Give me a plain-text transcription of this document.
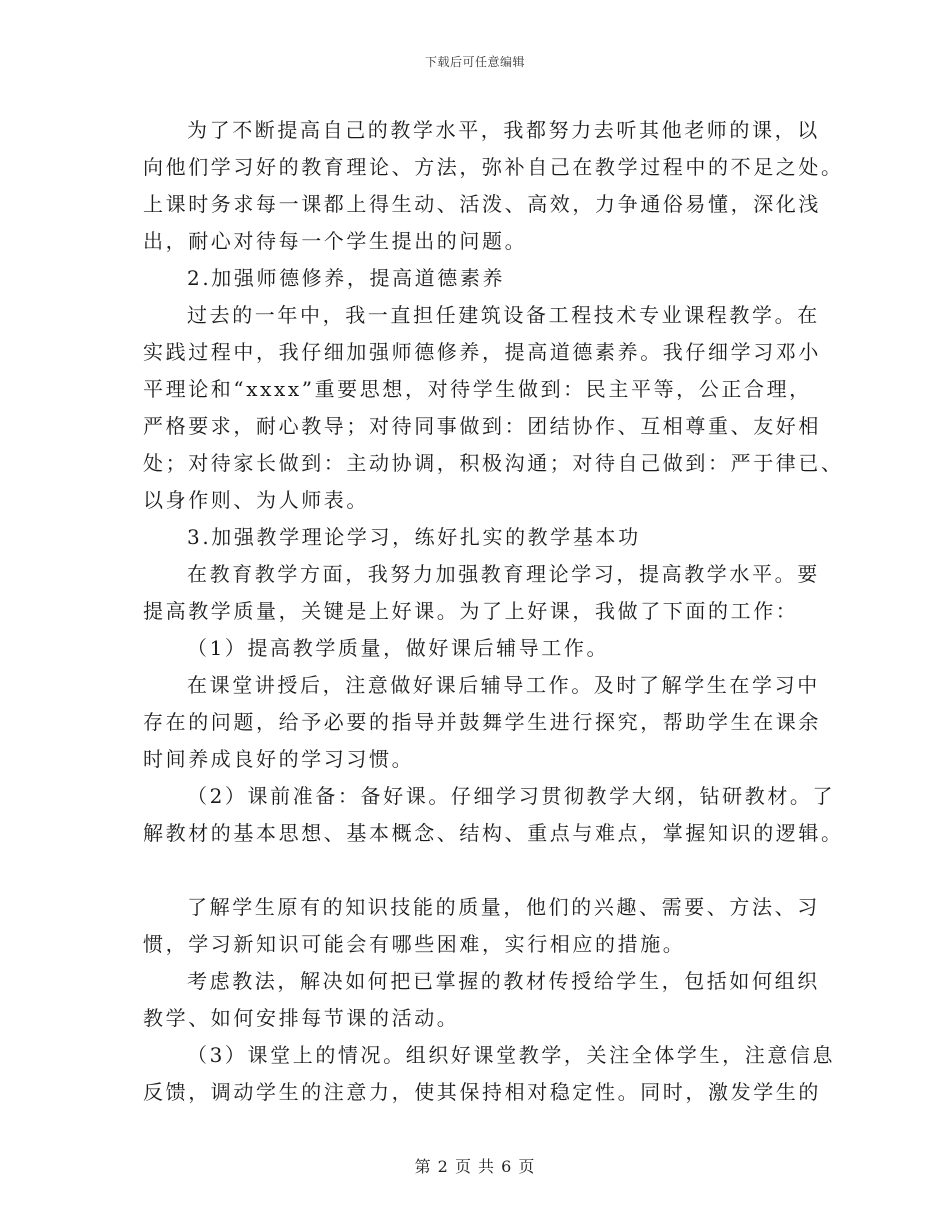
下载后可任意编辑
为了不断提高自己的教学水平，我都努力去听其他老师的课，以
向他们学习好的教育理论、方法，弥补自己在教学过程中的不足之处。
上课时务求每一课都上得生动、活泼、高效，力争通俗易懂，深化浅
出，耐心对待每一个学生提出的问题。
2.加强师德修养，提高道德素养
过去的一年中，我一直担任建筑设备工程技术专业课程教学。在
实践过程中，我仔细加强师德修养，提高道德素养。我仔细学习邓小
平理论和“xxxx”重要思想，对待学生做到：民主平等，公正合理，
严格要求，耐心教导；对待同事做到：团结协作、互相尊重、友好相
处；对待家长做到：主动协调，积极沟通；对待自己做到：严于律已、
以身作则、为人师表。
3.加强教学理论学习，练好扎实的教学基本功
在教育教学方面，我努力加强教育理论学习，提高教学水平。要
提高教学质量，关键是上好课。为了上好课，我做了下面的工作：
（1）提高教学质量，做好课后辅导工作。
在课堂讲授后，注意做好课后辅导工作。及时了解学生在学习中
存在的问题，给予必要的指导并鼓舞学生进行探究，帮助学生在课余
时间养成良好的学习习惯。
（2）课前准备：备好课。仔细学习贯彻教学大纲，钻研教材。了
解教材的基本思想、基本概念、结构、重点与难点，掌握知识的逻辑。
了解学生原有的知识技能的质量，他们的兴趣、需要、方法、习
惯，学习新知识可能会有哪些困难，实行相应的措施。
考虑教法，解决如何把已掌握的教材传授给学生，包括如何组织
教学、如何安排每节课的活动。
（3）课堂上的情况。组织好课堂教学，关注全体学生，注意信息
反馈，调动学生的注意力，使其保持相对稳定性。同时，激发学生的
第 2 页 共 6 页
